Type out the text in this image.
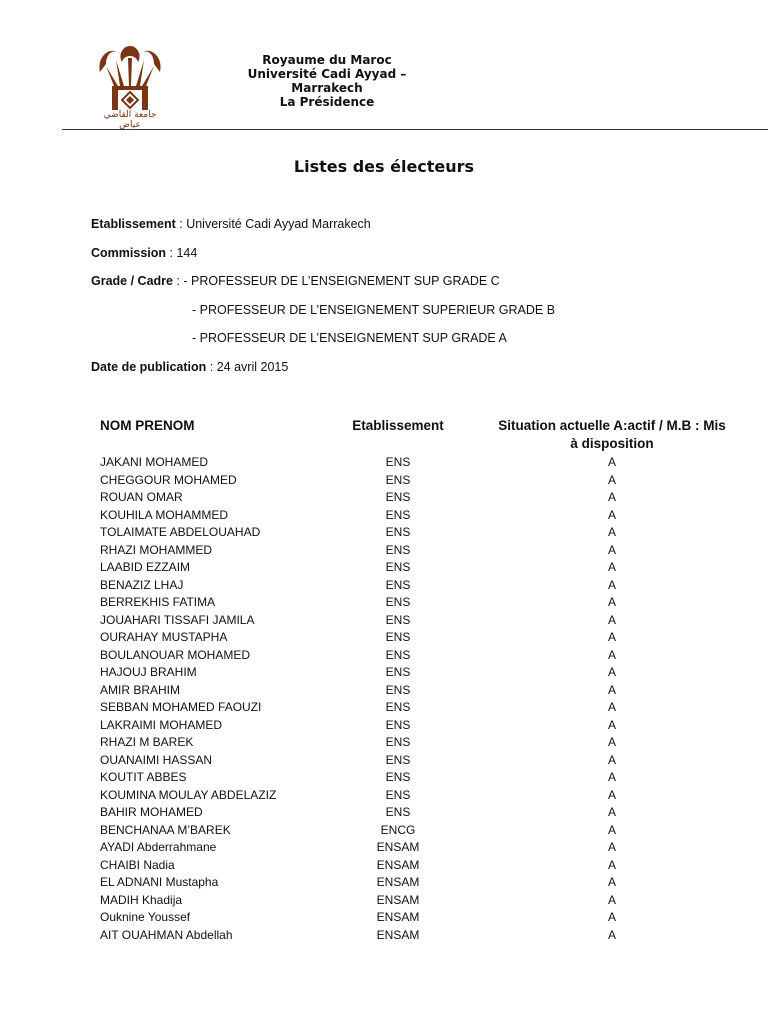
جامعة القاضي عياض
Royaume du Maroc
Université Cadi Ayyad –
Marrakech
La Présidence
Listes des électeurs
Etablissement : Université Cadi Ayyad Marrakech
Commission : 144
Grade / Cadre : - PROFESSEUR DE L’ENSEIGNEMENT SUP GRADE C
- PROFESSEUR DE L’ENSEIGNEMENT SUPERIEUR GRADE B
- PROFESSEUR DE L’ENSEIGNEMENT SUP GRADE A
Date de publication : 24 avril 2015
NOM PRENOM	Etablissement	Situation actuelle A:actif / M.B : Mis
à disposition
JAKANI MOHAMED	ENS	A
CHEGGOUR MOHAMED	ENS	A
ROUAN OMAR	ENS	A
KOUHILA MOHAMMED	ENS	A
TOLAIMATE ABDELOUAHAD	ENS	A
RHAZI MOHAMMED	ENS	A
LAABID EZZAIM	ENS	A
BENAZIZ LHAJ	ENS	A
BERREKHIS FATIMA	ENS	A
JOUAHARI TISSAFI JAMILA	ENS	A
OURAHAY MUSTAPHA	ENS	A
BOULANOUAR MOHAMED	ENS	A
HAJOUJ BRAHIM	ENS	A
AMIR BRAHIM	ENS	A
SEBBAN MOHAMED FAOUZI	ENS	A
LAKRAIMI MOHAMED	ENS	A
RHAZI M BAREK	ENS	A
OUANAIMI HASSAN	ENS	A
KOUTIT ABBES	ENS	A
KOUMINA MOULAY ABDELAZIZ	ENS	A
BAHIR MOHAMED	ENS	A
BENCHANAA M’BAREK	ENCG	A
AYADI Abderrahmane	ENSAM	A
CHAIBI Nadia	ENSAM	A
EL ADNANI Mustapha	ENSAM	A
MADIH Khadija	ENSAM	A
Ouknine Youssef	ENSAM	A
AIT OUAHMAN Abdellah	ENSAM	A
